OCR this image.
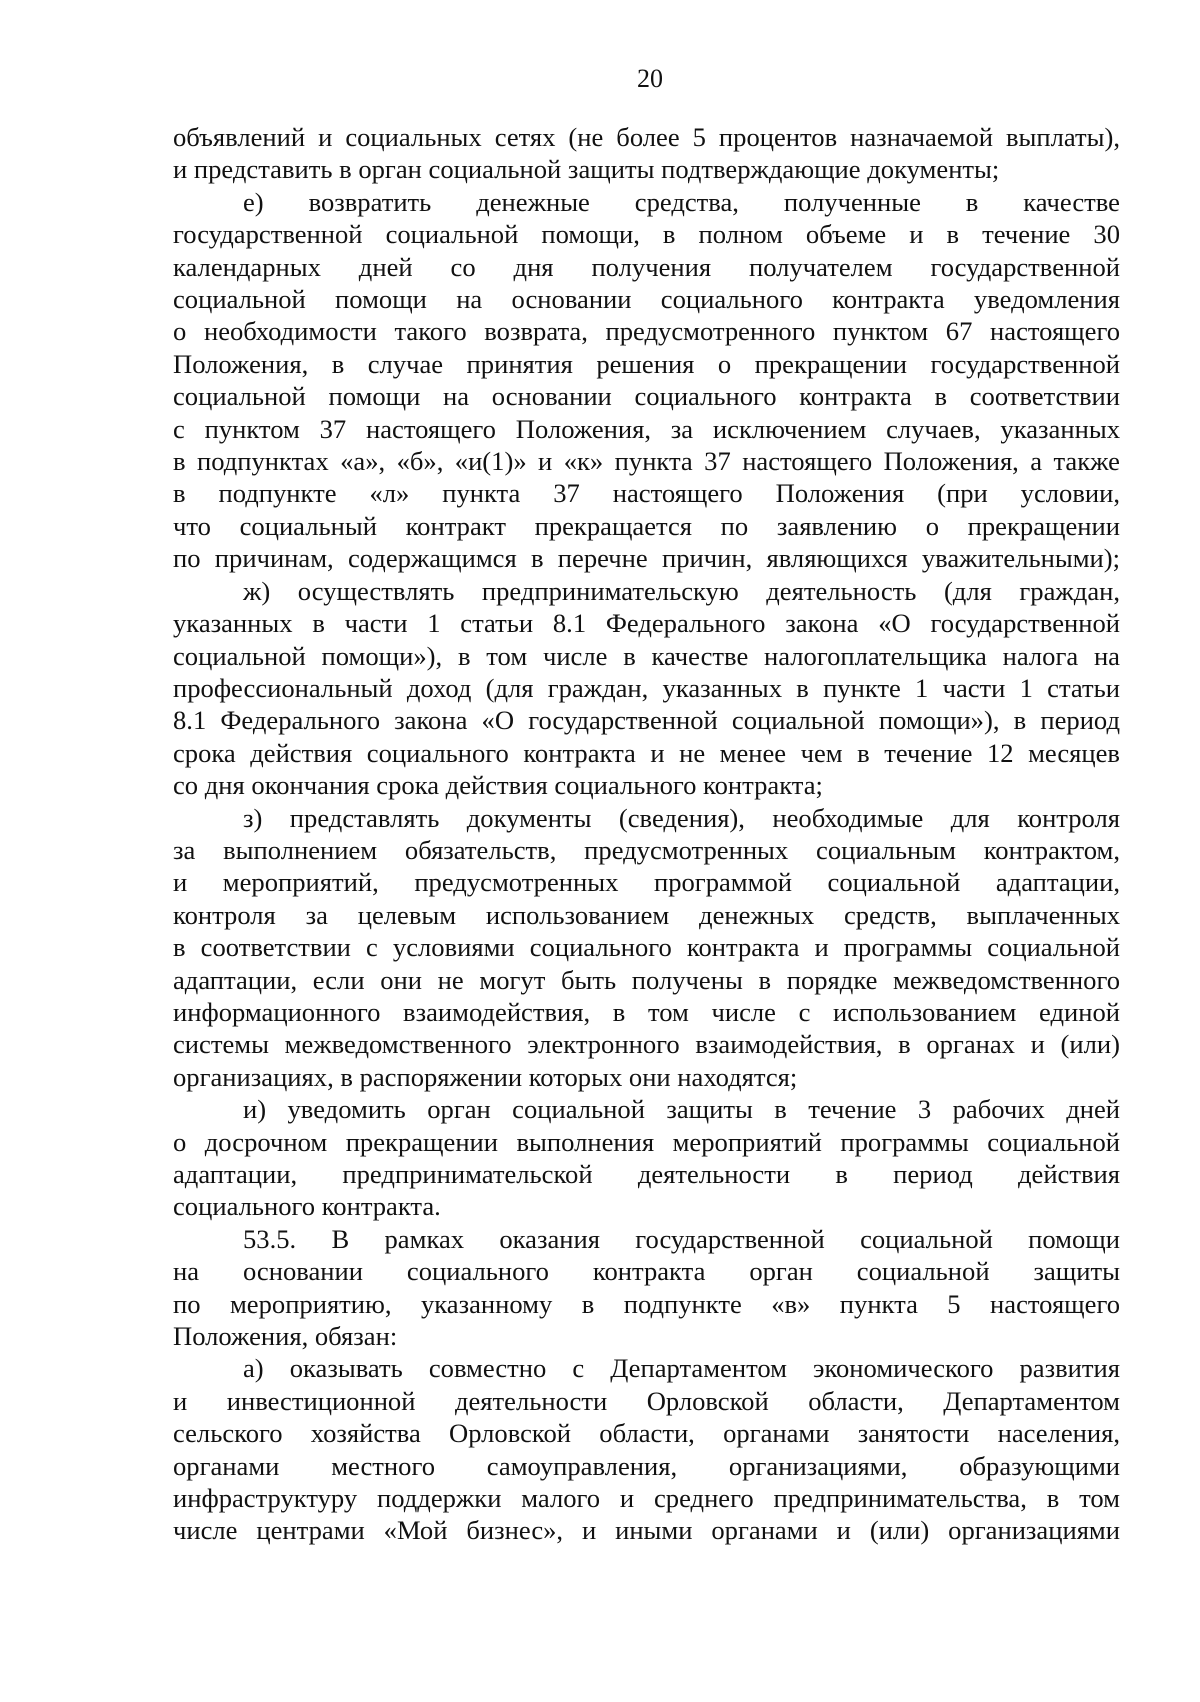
20
объявлений и социальных сетях (не более 5 процентов назначаемой выплаты),
и представить в орган социальной защиты подтверждающие документы;
е) возвратить денежные средства, полученные в качестве
государственной социальной помощи, в полном объеме и в течение 30
календарных дней со дня получения получателем государственной
социальной помощи на основании социального контракта уведомления
о необходимости такого возврата, предусмотренного пунктом 67 настоящего
Положения, в случае принятия решения о прекращении государственной
социальной помощи на основании социального контракта в соответствии
с пунктом 37 настоящего Положения, за исключением случаев, указанных
в подпунктах «а», «б», «и(1)» и «к» пункта 37 настоящего Положения, а также
в подпункте «л» пункта 37 настоящего Положения (при условии,
что социальный контракт прекращается по заявлению о прекращении
по причинам, содержащимся в перечне причин, являющихся уважительными);
ж) осуществлять предпринимательскую деятельность (для граждан,
указанных в части 1 статьи 8.1 Федерального закона «О государственной
социальной помощи»), в том числе в качестве налогоплательщика налога на
профессиональный доход (для граждан, указанных в пункте 1 части 1 статьи
8.1 Федерального закона «О государственной социальной помощи»), в период
срока действия социального контракта и не менее чем в течение 12 месяцев
со дня окончания срока действия социального контракта;
з) представлять документы (сведения), необходимые для контроля
за выполнением обязательств, предусмотренных социальным контрактом,
и мероприятий, предусмотренных программой социальной адаптации,
контроля за целевым использованием денежных средств, выплаченных
в соответствии с условиями социального контракта и программы социальной
адаптации, если они не могут быть получены в порядке межведомственного
информационного взаимодействия, в том числе с использованием единой
системы межведомственного электронного взаимодействия, в органах и (или)
организациях, в распоряжении которых они находятся;
и) уведомить орган социальной защиты в течение 3 рабочих дней
о досрочном прекращении выполнения мероприятий программы социальной
адаптации, предпринимательской деятельности в период действия
социального контракта.
53.5. В рамках оказания государственной социальной помощи
на основании социального контракта орган социальной защиты
по мероприятию, указанному в подпункте «в» пункта 5 настоящего
Положения, обязан:
а) оказывать совместно с Департаментом экономического развития
и инвестиционной деятельности Орловской области, Департаментом
сельского хозяйства Орловской области, органами занятости населения,
органами местного самоуправления, организациями, образующими
инфраструктуру поддержки малого и среднего предпринимательства, в том
числе центрами «Мой бизнес», и иными органами и (или) организациями
